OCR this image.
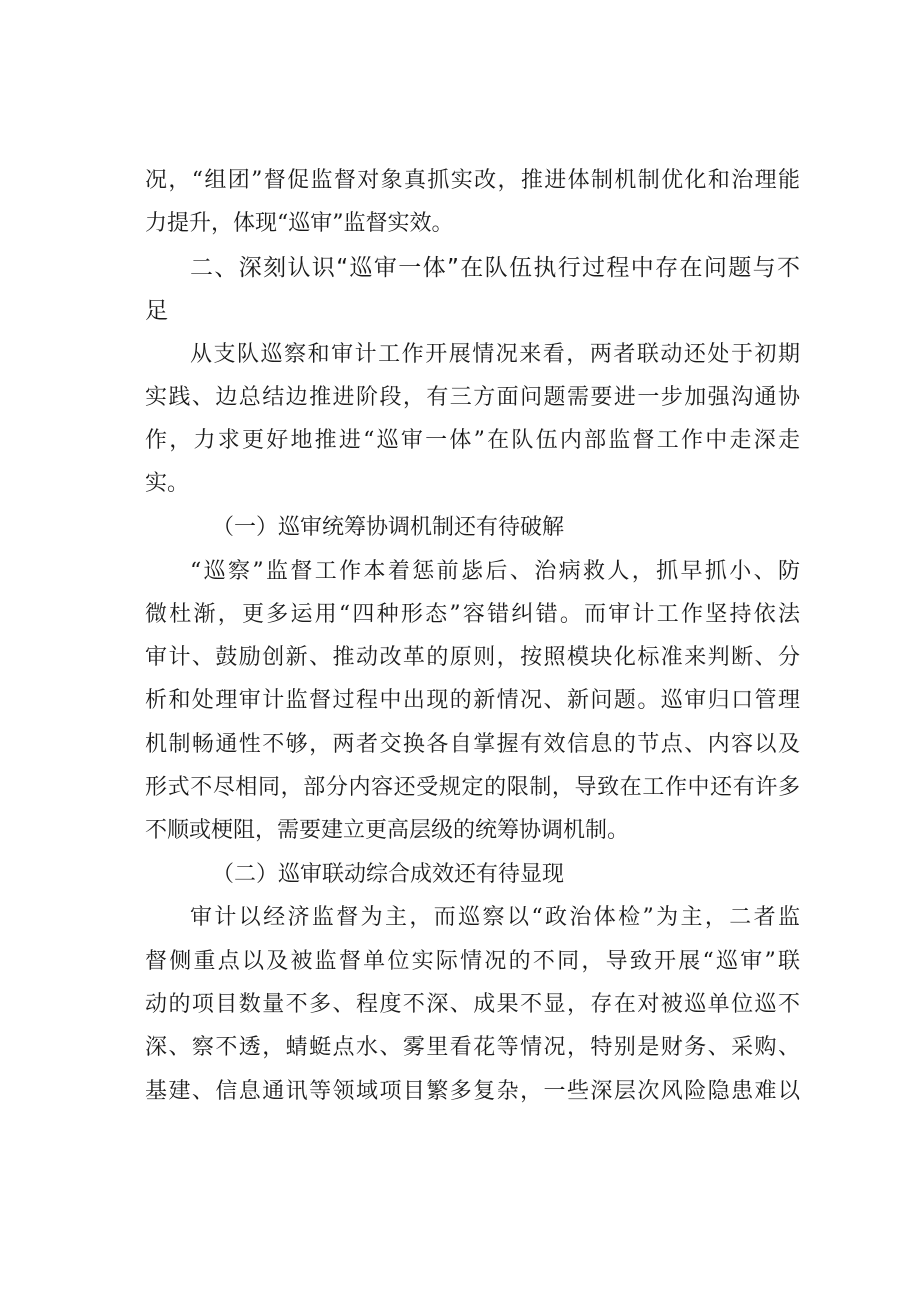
况，“组团”督促监督对象真抓实改，推进体制机制优化和治理能
力提升，体现“巡审”监督实效。
二、深刻认识“巡审一体”在队伍执行过程中存在问题与不
足
从支队巡察和审计工作开展情况来看，两者联动还处于初期
实践、边总结边推进阶段，有三方面问题需要进一步加强沟通协
作，力求更好地推进“巡审一体”在队伍内部监督工作中走深走
实。
（一）巡审统筹协调机制还有待破解
“巡察”监督工作本着惩前毖后、治病救人，抓早抓小、防
微杜渐，更多运用“四种形态”容错纠错。而审计工作坚持依法
审计、鼓励创新、推动改革的原则，按照模块化标准来判断、分
析和处理审计监督过程中出现的新情况、新问题。巡审归口管理
机制畅通性不够，两者交换各自掌握有效信息的节点、内容以及
形式不尽相同，部分内容还受规定的限制，导致在工作中还有许多
不顺或梗阻，需要建立更高层级的统筹协调机制。
（二）巡审联动综合成效还有待显现
审计以经济监督为主，而巡察以“政治体检”为主，二者监
督侧重点以及被监督单位实际情况的不同，导致开展“巡审”联
动的项目数量不多、程度不深、成果不显，存在对被巡单位巡不
深、察不透，蜻蜓点水、雾里看花等情况，特别是财务、采购、
基建、信息通讯等领域项目繁多复杂，一些深层次风险隐患难以
